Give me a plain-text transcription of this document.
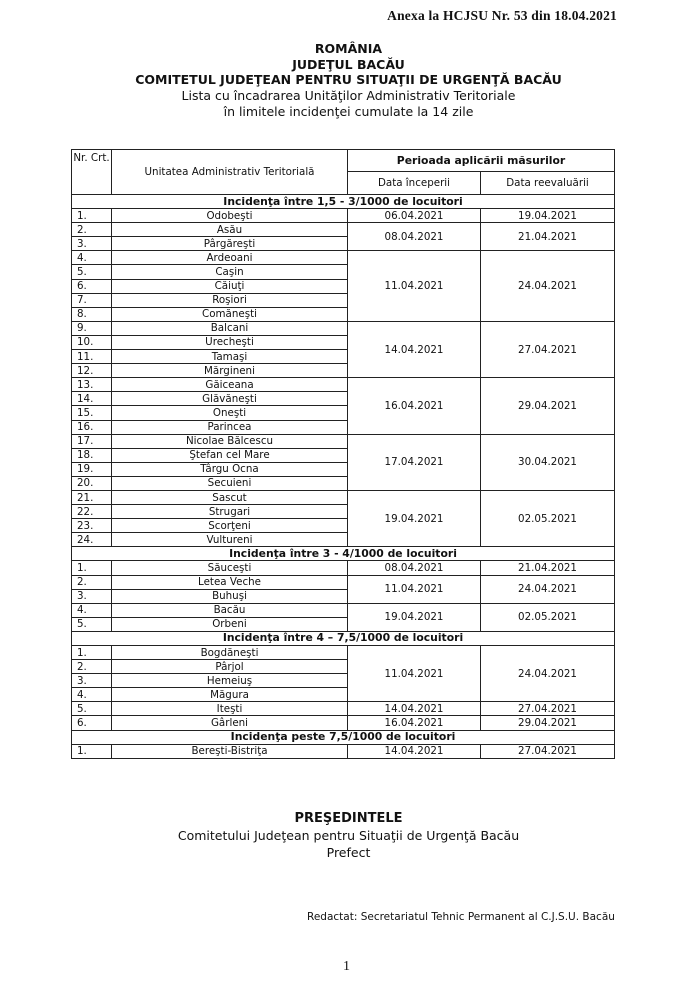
Anexa la HCJSU Nr. 53 din 18.04.2021
ROMÂNIA
JUDEŢUL BACĂU
COMITETUL JUDEŢEAN PENTRU SITUAŢII DE URGENŢĂ BACĂU
Lista cu încadrarea Unităţilor Administrativ Teritoriale
în limitele incidenţei cumulate la 14 zile
Nr. Crt.	Unitatea Administrativ Teritorială	Perioada aplicării măsurilor	
		Data începerii	Data reevaluării
Incidenţa între 1,5 - 3/1000 de locuitori			
1.	Odobeşti	06.04.2021	19.04.2021
2.	Asău	08.04.2021	21.04.2021
3.	Pârgăreşti		
4.	Ardeoani	11.04.2021	24.04.2021
5.	Caşin		
6.	Căiuţi		
7.	Roşiori		
8.	Comăneşti		
9.	Balcani	14.04.2021	27.04.2021
10.	Urecheşti		
11.	Tamaşi		
12.	Mărgineni		
13.	Găiceana	16.04.2021	29.04.2021
14.	Glăvăneşti		
15.	Oneşti		
16.	Parincea		
17.	Nicolae Bălcescu	17.04.2021	30.04.2021
18.	Ştefan cel Mare		
19.	Târgu Ocna		
20.	Secuieni		
21.	Sascut	19.04.2021	02.05.2021
22.	Strugari		
23.	Scorţeni		
24.	Vultureni		
Incidenţa între 3 - 4/1000 de locuitori			
1.	Săuceşti	08.04.2021	21.04.2021
2.	Letea Veche	11.04.2021	24.04.2021
3.	Buhuşi		
4.	Bacău	19.04.2021	02.05.2021
5.	Orbeni		
Incidenţa între 4 – 7,5/1000 de locuitori			
1.	Bogdăneşti	11.04.2021	24.04.2021
2.	Pârjol		
3.	Hemeiuş		
4.	Măgura		
5.	Iteşti	14.04.2021	27.04.2021
6.	Gârleni	16.04.2021	29.04.2021
Incidenţa peste 7,5/1000 de locuitori			
1.	Bereşti-Bistriţa	14.04.2021	27.04.2021
PREŞEDINTELE
Comitetului Judeţean pentru Situaţii de Urgenţă Bacău
Prefect
Redactat: Secretariatul Tehnic Permanent al C.J.S.U. Bacău
1
